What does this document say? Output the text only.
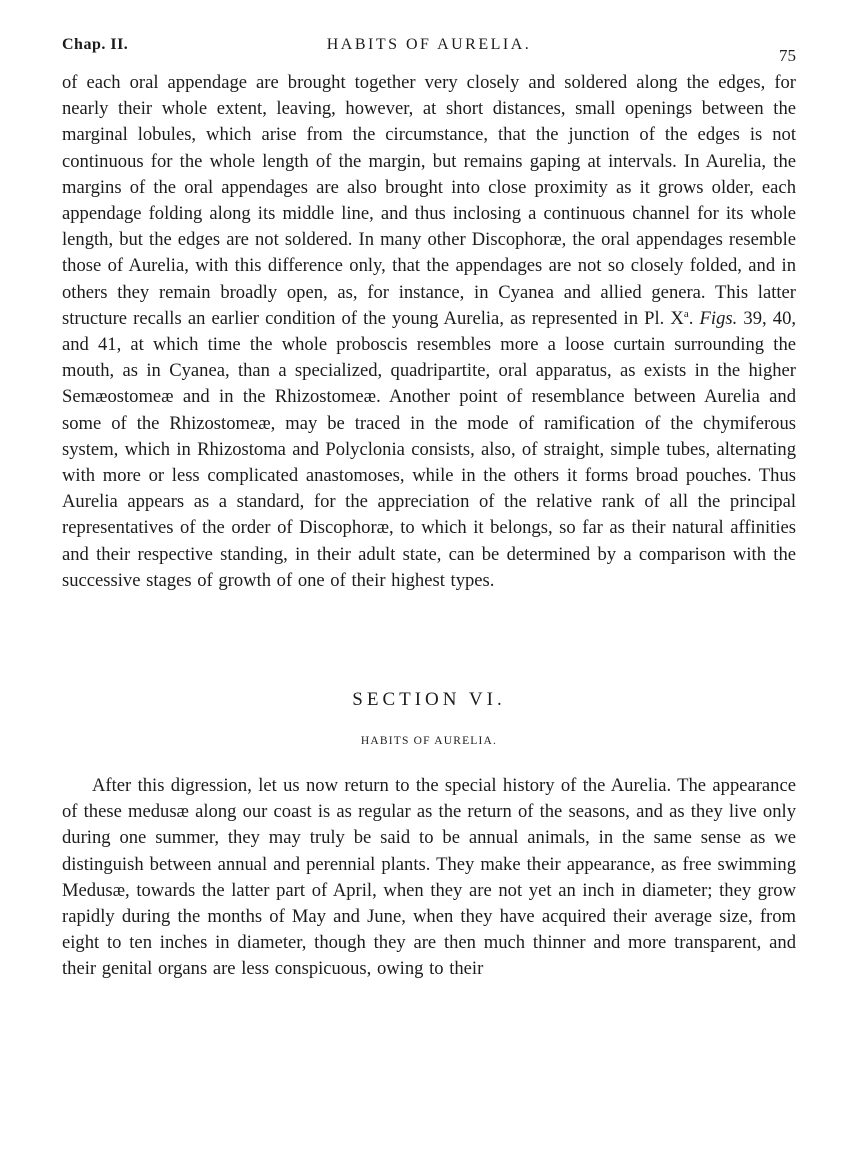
Chap. II.	HABITS OF AURELIA.
75

of each oral appendage are brought together very closely and soldered along the edges, for nearly their whole extent, leaving, however, at short distances, small openings between the marginal lobules, which arise from the circumstance, that the junction of the edges is not continuous for the whole length of the margin, but remains gaping at intervals. In Aurelia, the margins of the oral appendages are also brought into close proximity as it grows older, each appendage folding along its middle line, and thus inclosing a continuous channel for its whole length, but the edges are not soldered. In many other Discophoræ, the oral appendages resemble those of Aurelia, with this difference only, that the appendages are not so closely folded, and in others they remain broadly open, as, for instance, in Cyanea and allied genera. This latter structure recalls an earlier condition of the young Aurelia, as represented in Pl. $X^a$. Figs. 39, 40, and 41, at which time the whole proboscis resembles more a loose curtain surrounding the mouth, as in Cyanea, than a specialized, quadripartite, oral apparatus, as exists in the higher Semæostomeæ and in the Rhizostomeæ. Another point of resemblance between Aurelia and some of the Rhizostomeæ, may be traced in the mode of ramification of the chymiferous system, which in Rhizostoma and Polyclonia consists, also, of straight, simple tubes, alternating with more or less complicated anastomoses, while in the others it forms broad pouches. Thus Aurelia appears as a standard, for the appreciation of the relative rank of all the principal representatives of the order of Discophoræ, to which it belongs, so far as their natural affinities and their respective standing, in their adult state, can be determined by a comparison with the successive stages of growth of one of their highest types.

SECTION VI.
HABITS OF AURELIA.

After this digression, let us now return to the special history of the Aurelia. The appearance of these medusæ along our coast is as regular as the return of the seasons, and as they live only during one summer, they may truly be said to be annual animals, in the same sense as we distinguish between annual and perennial plants. They make their appearance, as free swimming Medusæ, towards the latter part of April, when they are not yet an inch in diameter; they grow rapidly during the months of May and June, when they have acquired their average size, from eight to ten inches in diameter, though they are then much thinner and more transparent, and their genital organs are less conspicuous, owing to their
